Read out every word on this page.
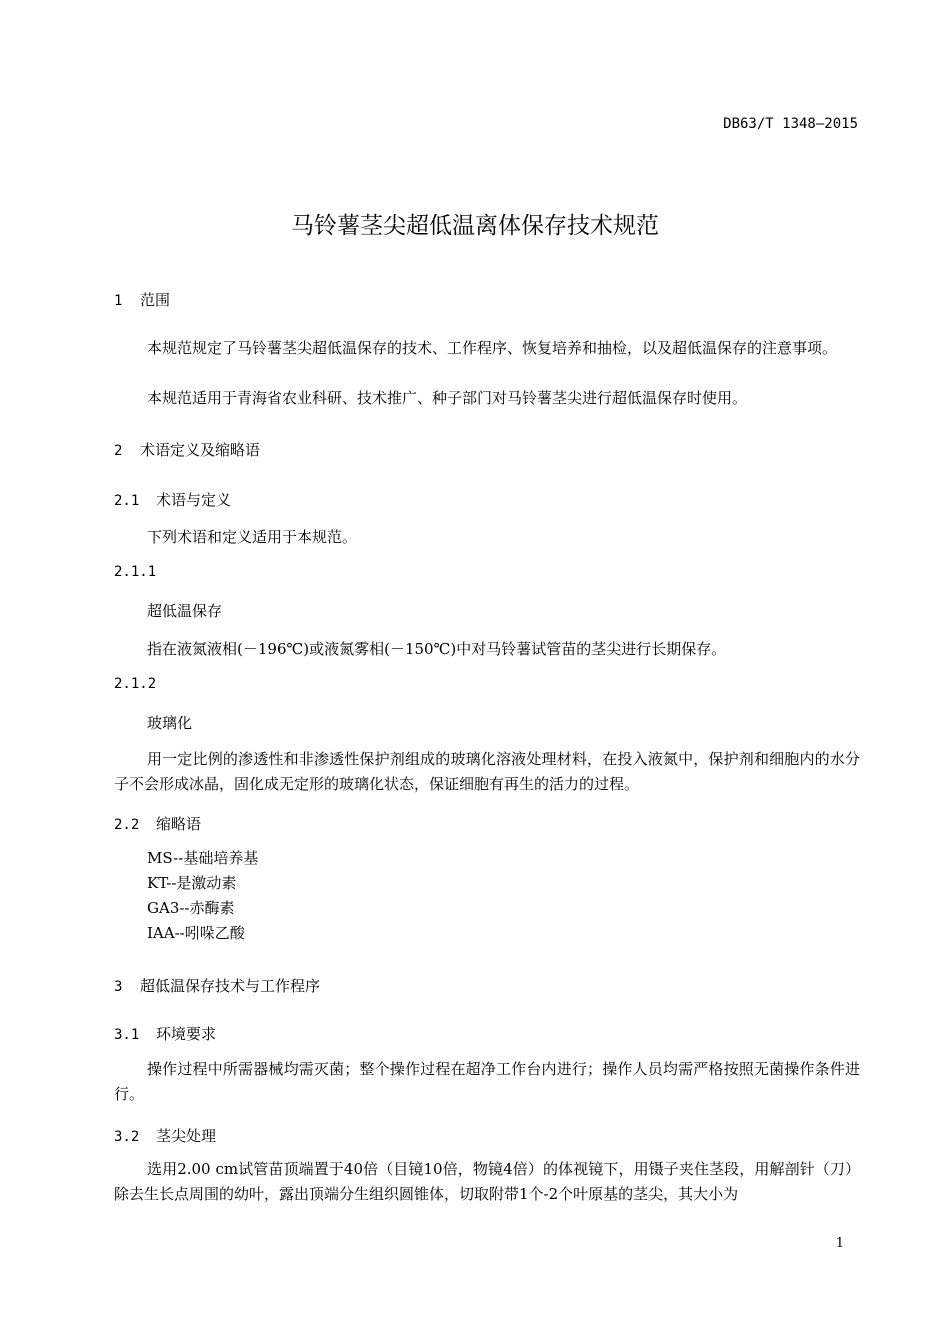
DB63/T 1348—2015
马铃薯茎尖超低温离体保存技术规范
1 范围
本规范规定了马铃薯茎尖超低温保存的技术、工作程序、恢复培养和抽检，以及超低温保存的注意事项。
本规范适用于青海省农业科研、技术推广、种子部门对马铃薯茎尖进行超低温保存时使用。
2 术语定义及缩略语
2.1 术语与定义
下列术语和定义适用于本规范。
2.1.1
超低温保存
指在液氮液相(－196℃)或液氮雾相(－150℃)中对马铃薯试管苗的茎尖进行长期保存。
2.1.2
玻璃化
用一定比例的渗透性和非渗透性保护剂组成的玻璃化溶液处理材料，在投入液氮中，保护剂和细胞内的水分子不会形成冰晶，固化成无定形的玻璃化状态，保证细胞有再生的活力的过程。
2.2 缩略语
MS--基础培养基
KT--是激动素
GA3--赤酶素
IAA--吲哚乙酸
3 超低温保存技术与工作程序
3.1 环境要求
操作过程中所需器械均需灭菌；整个操作过程在超净工作台内进行；操作人员均需严格按照无菌操作条件进行。
3.2 茎尖处理
选用2.00 cm试管苗顶端置于40倍（目镜10倍，物镜4倍）的体视镜下，用镊子夹住茎段，用解剖针（刀）除去生长点周围的幼叶，露出顶端分生组织圆锥体，切取附带1个-2个叶原基的茎尖，其大小为
1
